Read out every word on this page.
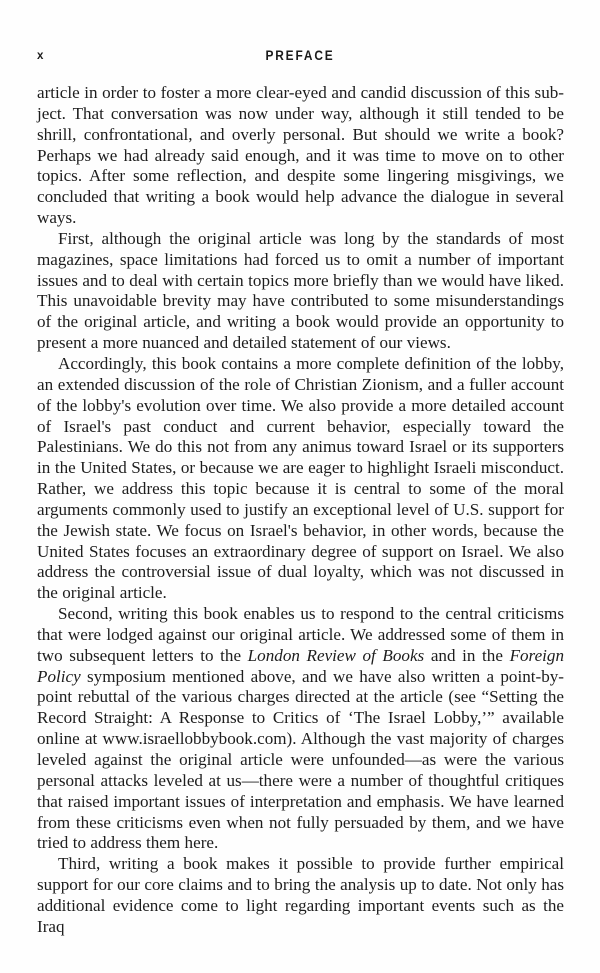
x	PREFACE

article in order to foster a more clear-eyed and candid discussion of this sub-ject. That conversation was now under way, although it still tended to be shrill, confrontational, and overly personal. But should we write a book? Perhaps we had already said enough, and it was time to move on to other topics. After some reflection, and despite some lingering misgivings, we concluded that writing a book would help advance the dialogue in several ways.

First, although the original article was long by the standards of most magazines, space limitations had forced us to omit a number of important issues and to deal with certain topics more briefly than we would have liked. This unavoidable brevity may have contributed to some misunderstandings of the original article, and writing a book would provide an opportunity to present a more nuanced and detailed statement of our views.

Accordingly, this book contains a more complete definition of the lobby, an extended discussion of the role of Christian Zionism, and a fuller account of the lobby's evolution over time. We also provide a more detailed account of Israel's past conduct and current behavior, especially toward the Palestinians. We do this not from any animus toward Israel or its supporters in the United States, or because we are eager to highlight Israeli misconduct. Rather, we address this topic because it is central to some of the moral arguments commonly used to justify an exceptional level of U.S. support for the Jewish state. We focus on Israel's behavior, in other words, because the United States focuses an extraordinary degree of support on Israel. We also address the controversial issue of dual loyalty, which was not discussed in the original article.

Second, writing this book enables us to respond to the central criticisms that were lodged against our original article. We addressed some of them in two subsequent letters to the London Review of Books and in the Foreign Policy symposium mentioned above, and we have also written a point-by-point rebuttal of the various charges directed at the article (see “Setting the Record Straight: A Response to Critics of ‘The Israel Lobby,’” available online at www.israellobbybook.com). Although the vast majority of charges leveled against the original article were unfounded—as were the various personal attacks leveled at us—there were a number of thoughtful critiques that raised important issues of interpretation and emphasis. We have learned from these criticisms even when not fully persuaded by them, and we have tried to address them here.

Third, writing a book makes it possible to provide further empirical support for our core claims and to bring the analysis up to date. Not only has additional evidence come to light regarding important events such as the Iraq
